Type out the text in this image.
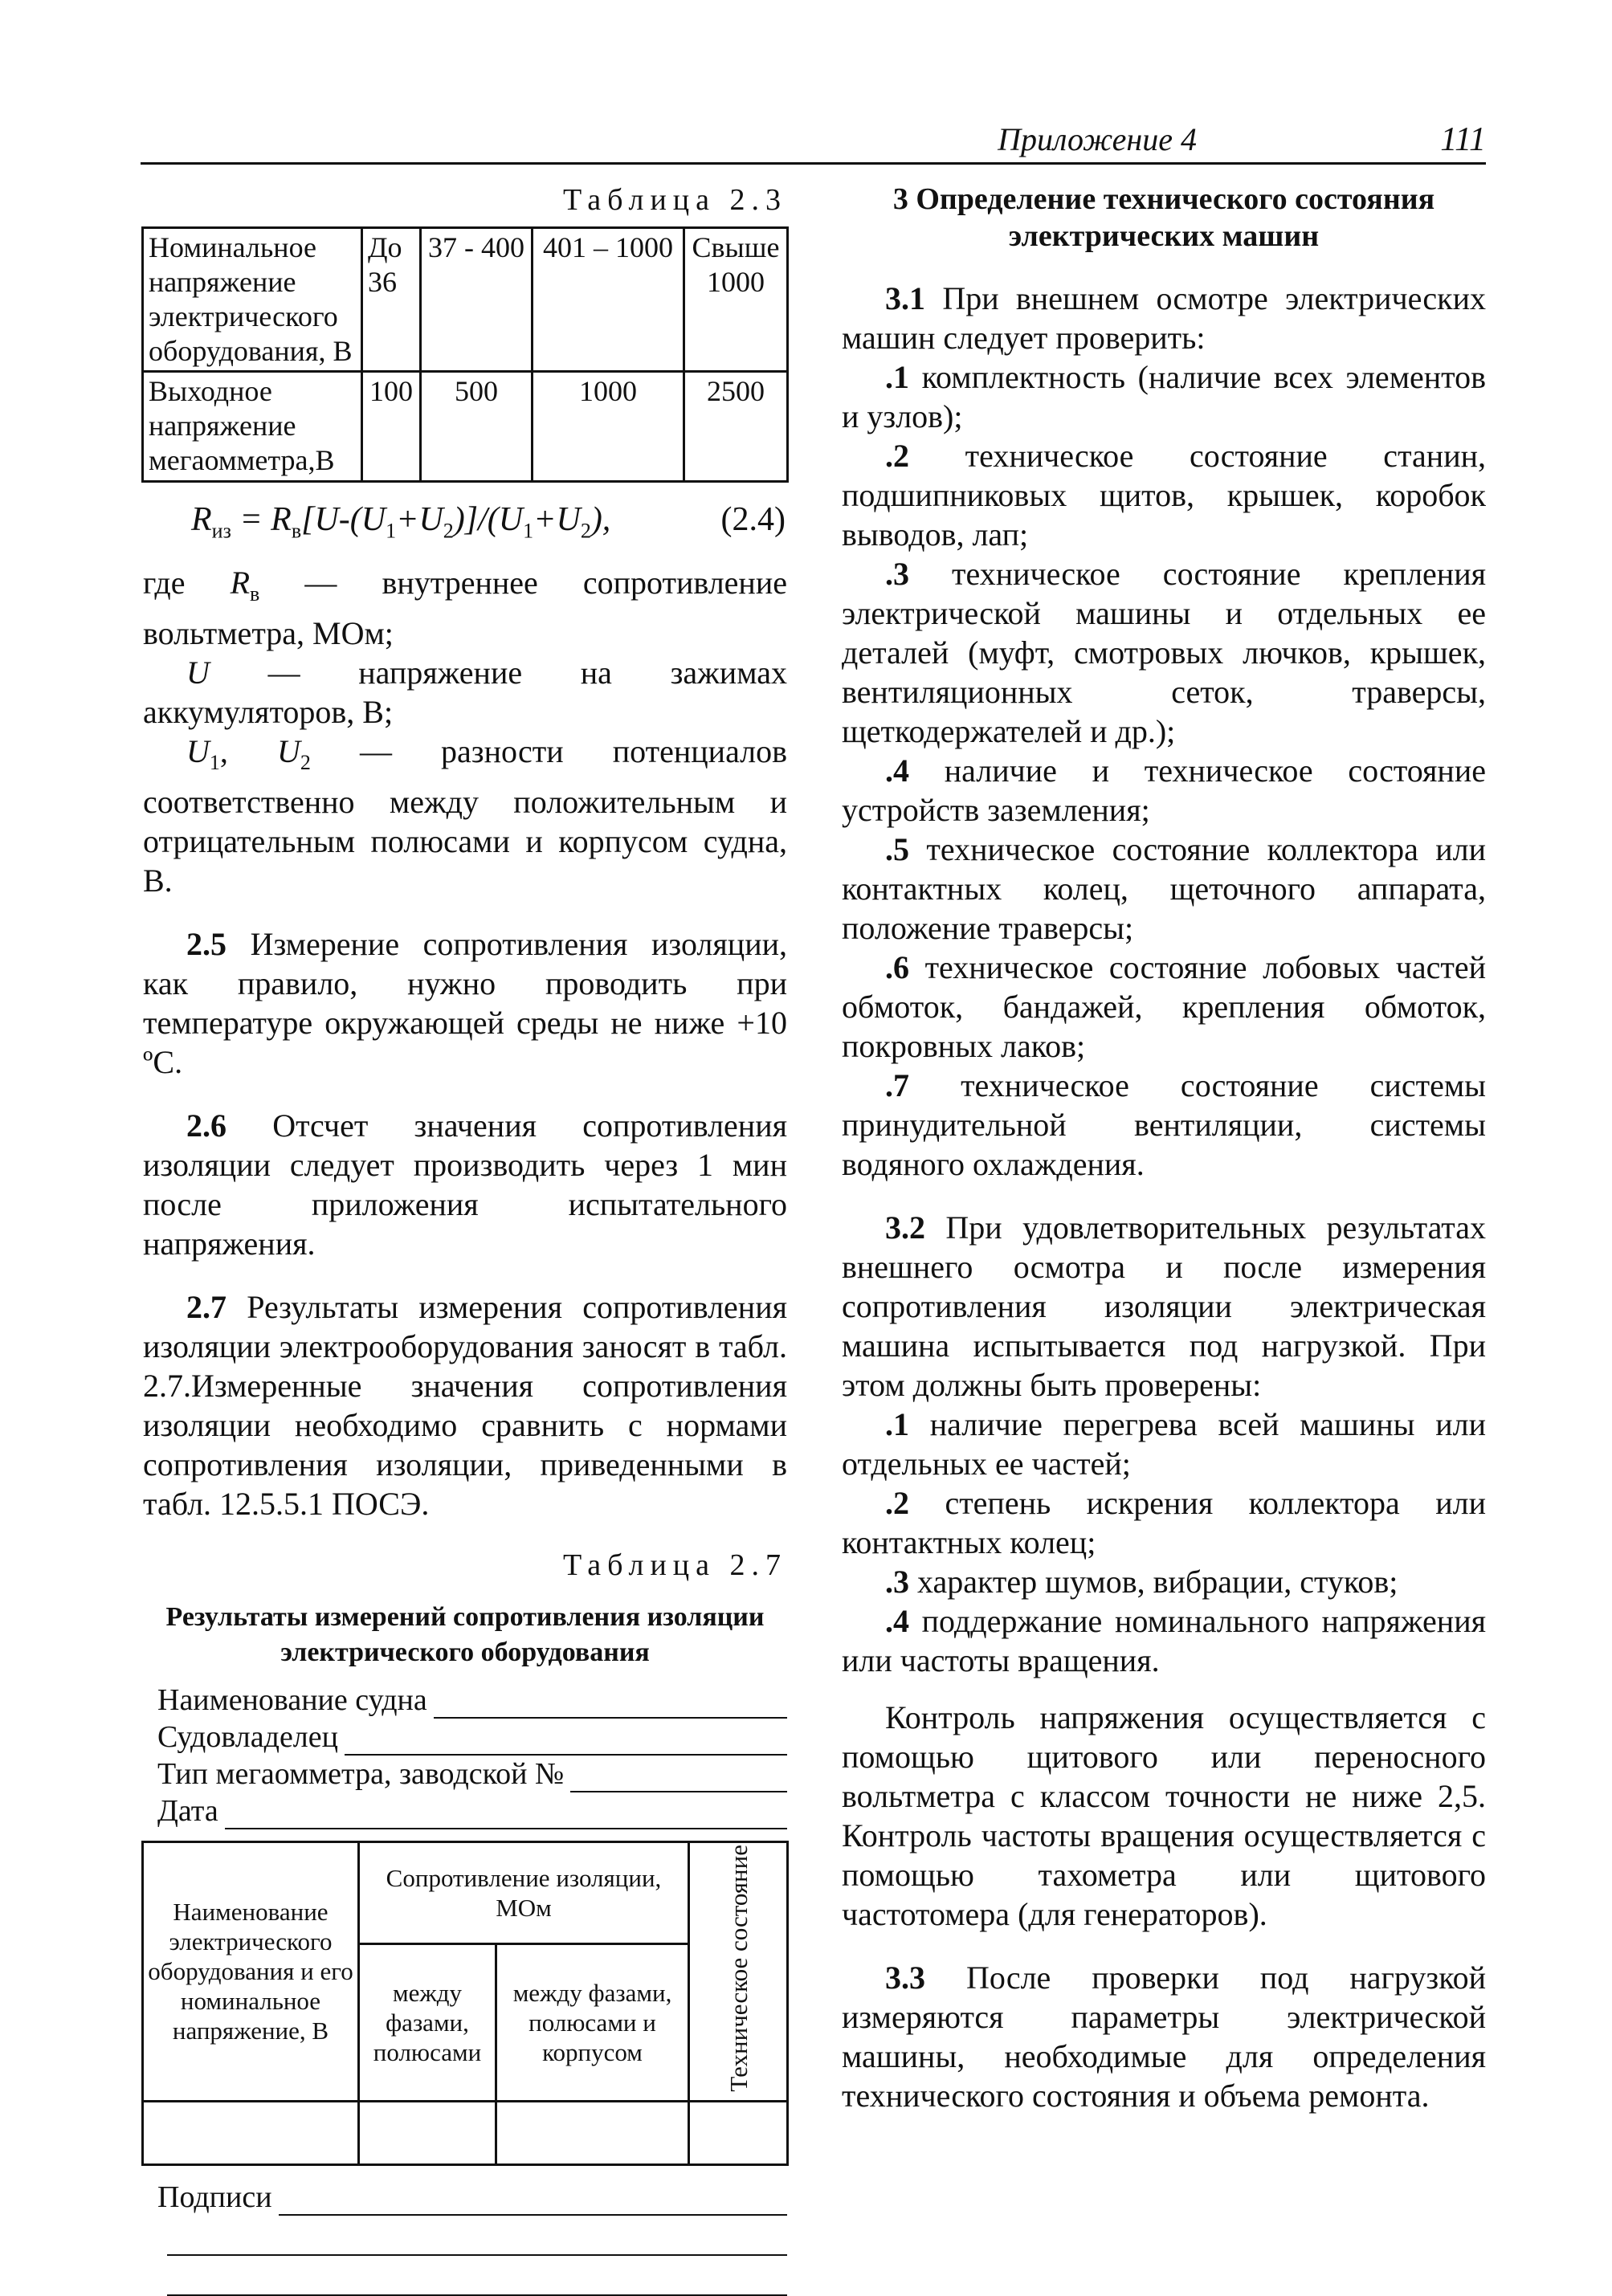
Приложение 4	111
Таблица 2.3
Номинальное напряжение электрического оборудования, В	До 36	37 - 400	401 – 1000	Свыше 1000
Выходное напряжение мегаомметра,В	100	500	1000	2500
$R_{из} = R_в[U-(U_1+U_2)]/(U_1+U_2)$,	(2.4)

где $R_в$ — внутреннее сопротивление вольтметра, МОм;

U — напряжение на зажимах аккумуляторов, В;

$U_1$, $U_2$ — разности потенциалов соответственно между положительным и отрицательным полюсами и корпусом судна, В.

2.5 Измерение сопротивления изоляции, как правило, нужно проводить при температуре окружающей среды не ниже +10 ºС.

2.6 Отсчет значения сопротивления изоляции следует производить через 1 мин после приложения испытательного напряжения.

2.7 Результаты измерения сопротивления изоляции электрооборудования заносят в табл. 2.7.Измеренные значения сопротивления изоляции необходимо сравнить с нормами сопротивления изоляции, приведенными в табл. 12.5.5.1 ПОСЭ.

Таблица 2.7
Результаты измерений сопротивления изоляции электрического оборудования
Наименование судна
Судовладелец
Тип мегаомметра, заводской №
Дата
Наименование электрического оборудования и его номинальное напряжение, В	Сопротивление изоляции, МОм		Техническое состояние
	между фазами, полюсами	между фазами, полюсами и корпусом	

Подписи
3 Определение технического состояния электрических машин

3.1 При внешнем осмотре электрических машин следует проверить:

.1 комплектность (наличие всех элементов и узлов);

.2 техническое состояние станин, подшипниковых щитов, крышек, коробок выводов, лап;

.3 техническое состояние крепления электрической машины и отдельных ее деталей (муфт, смотровых лючков, крышек, вентиляционных сеток, траверсы, щеткодержателей и др.);

.4 наличие и техническое состояние устройств заземления;

.5 техническое состояние коллектора или контактных колец, щеточного аппарата, положение траверсы;

.6 техническое состояние лобовых частей обмоток, бандажей, крепления обмоток, покровных лаков;

.7 техническое состояние системы принудительной вентиляции, системы водяного охлаждения.

3.2 При удовлетворительных результатах внешнего осмотра и после измерения сопротивления изоляции электрическая машина испытывается под нагрузкой. При этом должны быть проверены:

.1 наличие перегрева всей машины или отдельных ее частей;

.2 степень искрения коллектора или контактных колец;

.3 характер шумов, вибрации, стуков;

.4 поддержание номинального напряжения или частоты вращения.

Контроль напряжения осуществляется с помощью щитового или переносного вольтметра с классом точности не ниже 2,5. Контроль частоты вращения осуществляется с помощью тахометра или щитового частотомера (для генераторов).

3.3 После проверки под нагрузкой измеряются параметры электрической машины, необходимые для определения технического состояния и объема ремонта.
